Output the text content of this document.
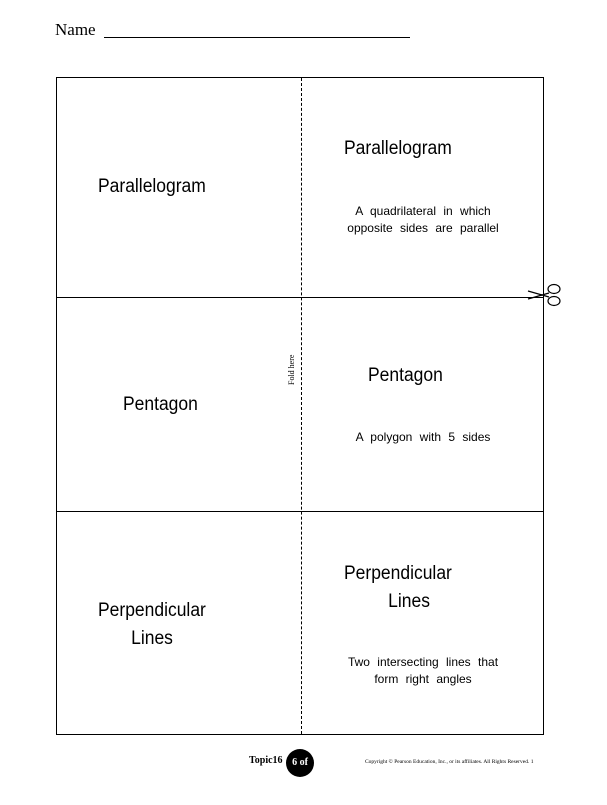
Name
Parallelogram
Parallelogram
A quadrilateral in which
opposite sides are parallel
Pentagon
Pentagon
A polygon with 5 sides
Perpendicular
Lines
Perpendicular
Lines
Two intersecting lines that
form right angles
Fold here
Topic16 6 of 13
Copyright © Pearson Education, Inc., or its affiliates. All Rights Reserved. 1
